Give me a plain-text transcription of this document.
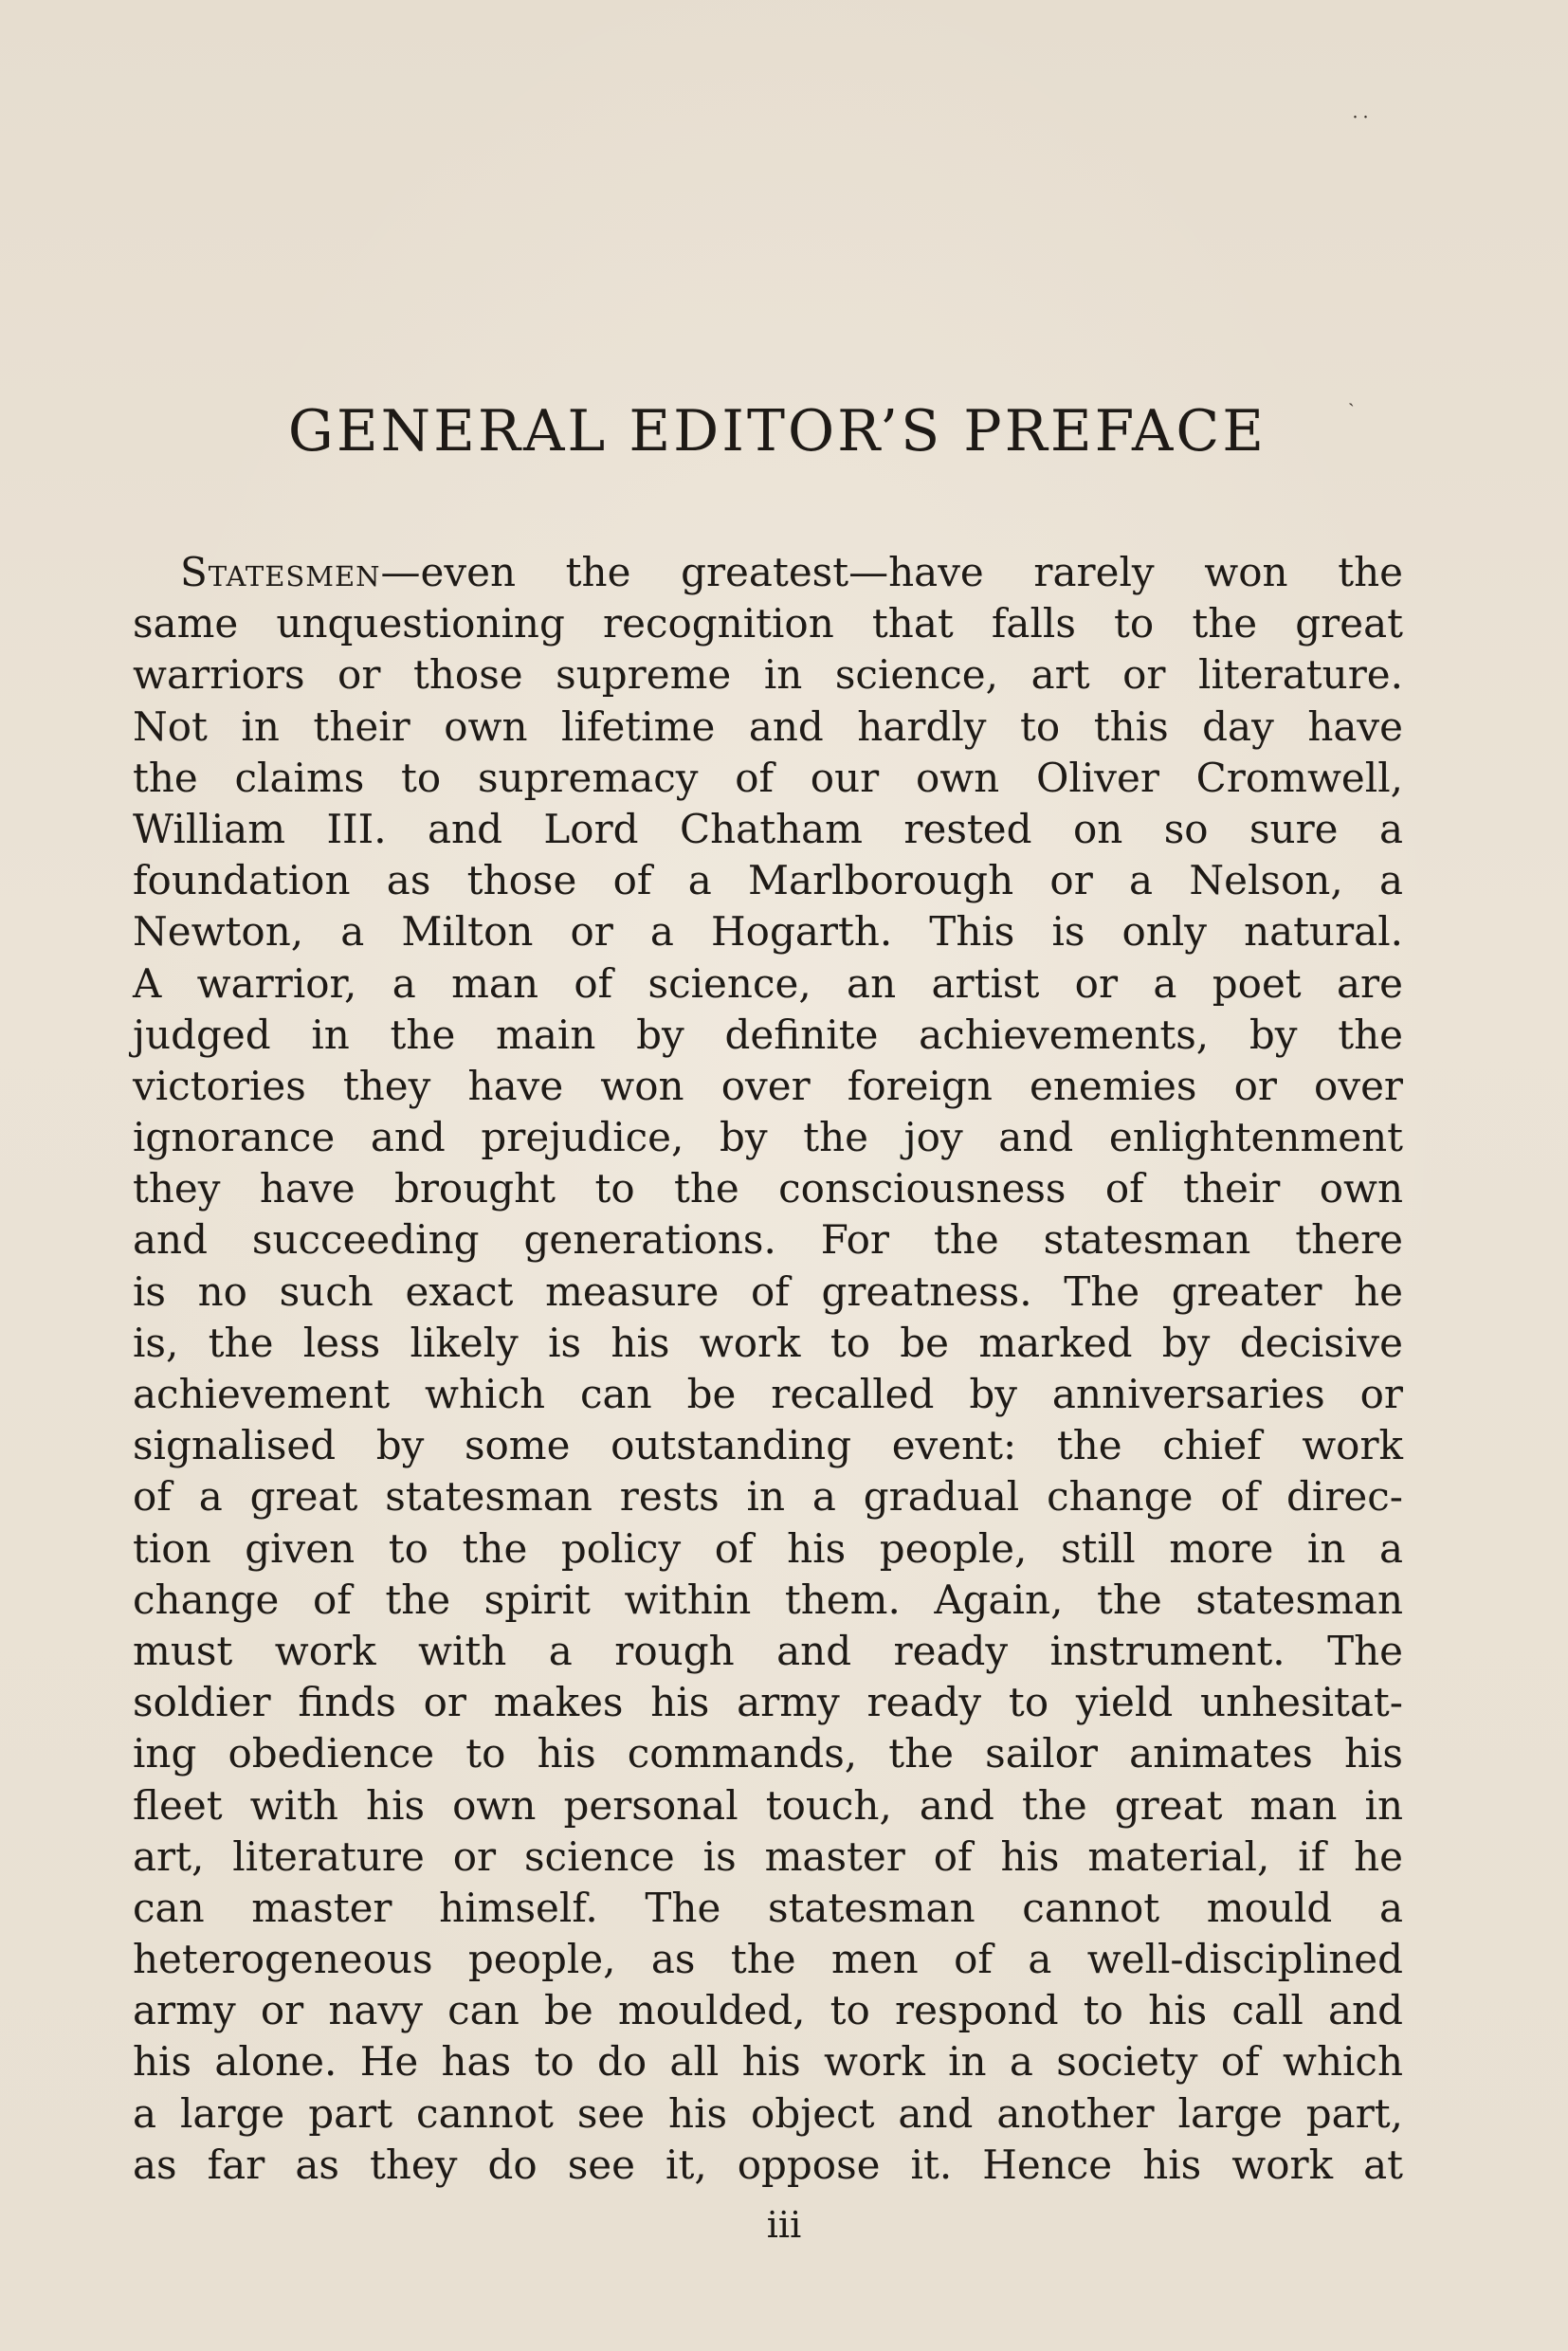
˙˙
ˎ
GENERAL EDITOR’S PREFACE
Statesmen—even the greatest—have rarely won the
same unquestioning recognition that falls to the great
warriors or those supreme in science, art or literature.
Not in their own lifetime and hardly to this day have
the claims to supremacy of our own Oliver Cromwell,
William III. and Lord Chatham rested on so sure a
foundation as those of a Marlborough or a Nelson, a
Newton, a Milton or a Hogarth. This is only natural.
A warrior, a man of science, an artist or a poet are
judged in the main by definite achievements, by the
victories they have won over foreign enemies or over
ignorance and prejudice, by the joy and enlightenment
they have brought to the consciousness of their own
and succeeding generations. For the statesman there
is no such exact measure of greatness. The greater he
is, the less likely is his work to be marked by decisive
achievement which can be recalled by anniversaries or
signalised by some outstanding event: the chief work
of a great statesman rests in a gradual change of direc-
tion given to the policy of his people, still more in a
change of the spirit within them. Again, the statesman
must work with a rough and ready instrument. The
soldier finds or makes his army ready to yield unhesitat-
ing obedience to his commands, the sailor animates his
fleet with his own personal touch, and the great man in
art, literature or science is master of his material, if he
can master himself. The statesman cannot mould a
heterogeneous people, as the men of a well-disciplined
army or navy can be moulded, to respond to his call and
his alone. He has to do all his work in a society of which
a large part cannot see his object and another large part,
as far as they do see it, oppose it. Hence his work at
iii
